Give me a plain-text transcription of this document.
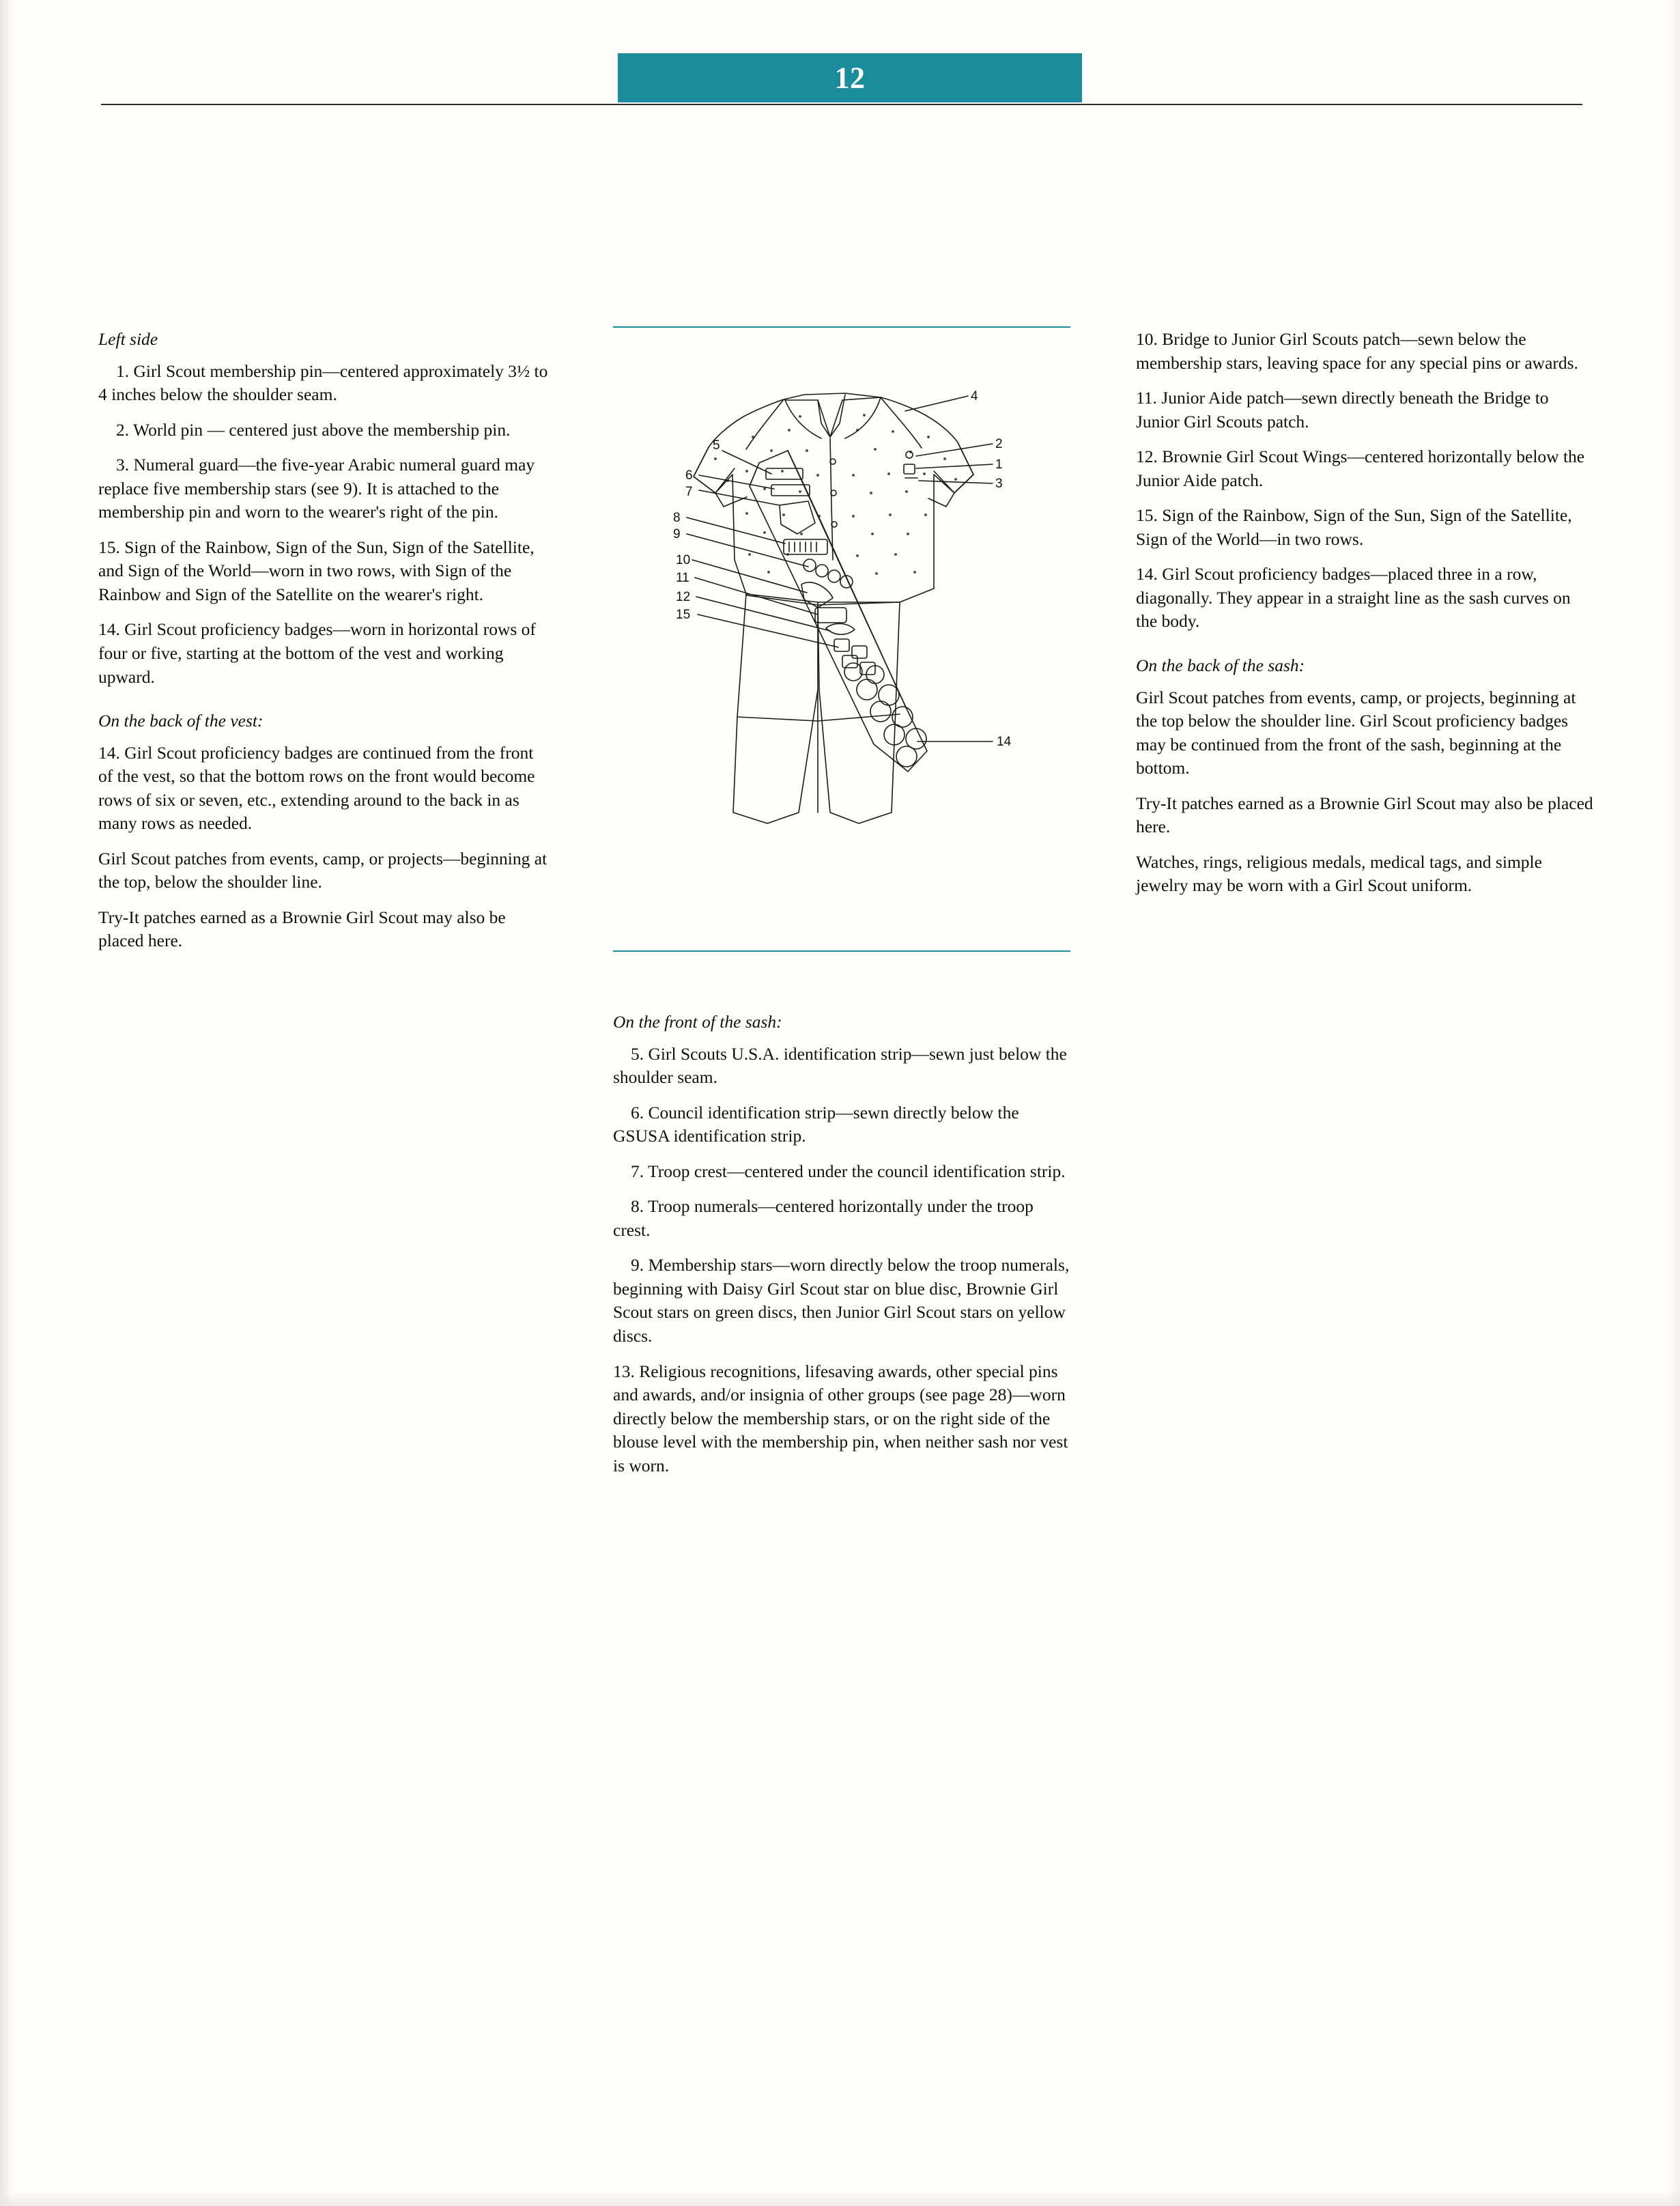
12
Left side

1. Girl Scout membership pin—centered approximately 3½ to 4 inches below the shoulder seam.

2. World pin — centered just above the membership pin.

3. Numeral guard—the five-year Arabic numeral guard may replace five membership stars (see 9). It is attached to the membership pin and worn to the wearer's right of the pin.

15. Sign of the Rainbow, Sign of the Sun, Sign of the Satellite, and Sign of the World—worn in two rows, with Sign of the Rainbow and Sign of the Satellite on the wearer's right.

14. Girl Scout proficiency badges—worn in horizontal rows of four or five, starting at the bottom of the vest and working upward.

On the back of the vest:

14. Girl Scout proficiency badges are continued from the front of the vest, so that the bottom rows on the front would become rows of six or seven, etc., extending around to the back in as many rows as needed.

Girl Scout patches from events, camp, or projects—beginning at the top, below the shoulder line.

Try-It patches earned as a Brownie Girl Scout may also be placed here.

4
5
6
7
8
9
10
11
12
15
2
1
3
14
On the front of the sash:

5. Girl Scouts U.S.A. identification strip—sewn just below the shoulder seam.

6. Council identification strip—sewn directly below the GSUSA identification strip.

7. Troop crest—centered under the council identification strip.

8. Troop numerals—centered horizontally under the troop crest.

9. Membership stars—worn directly below the troop numerals, beginning with Daisy Girl Scout star on blue disc, Brownie Girl Scout stars on green discs, then Junior Girl Scout stars on yellow discs.

13. Religious recognitions, lifesaving awards, other special pins and awards, and/or insignia of other groups (see page 28)—worn directly below the membership stars, or on the right side of the blouse level with the membership pin, when neither sash nor vest is worn.

10. Bridge to Junior Girl Scouts patch—sewn below the membership stars, leaving space for any special pins or awards.

11. Junior Aide patch—sewn directly beneath the Bridge to Junior Girl Scouts patch.

12. Brownie Girl Scout Wings—centered horizontally below the Junior Aide patch.

15. Sign of the Rainbow, Sign of the Sun, Sign of the Satellite, Sign of the World—in two rows.

14. Girl Scout proficiency badges—placed three in a row, diagonally. They appear in a straight line as the sash curves on the body.

On the back of the sash:

Girl Scout patches from events, camp, or projects, beginning at the top below the shoulder line. Girl Scout proficiency badges may be continued from the front of the sash, beginning at the bottom.

Try-It patches earned as a Brownie Girl Scout may also be placed here.

Watches, rings, religious medals, medical tags, and simple jewelry may be worn with a Girl Scout uniform.
